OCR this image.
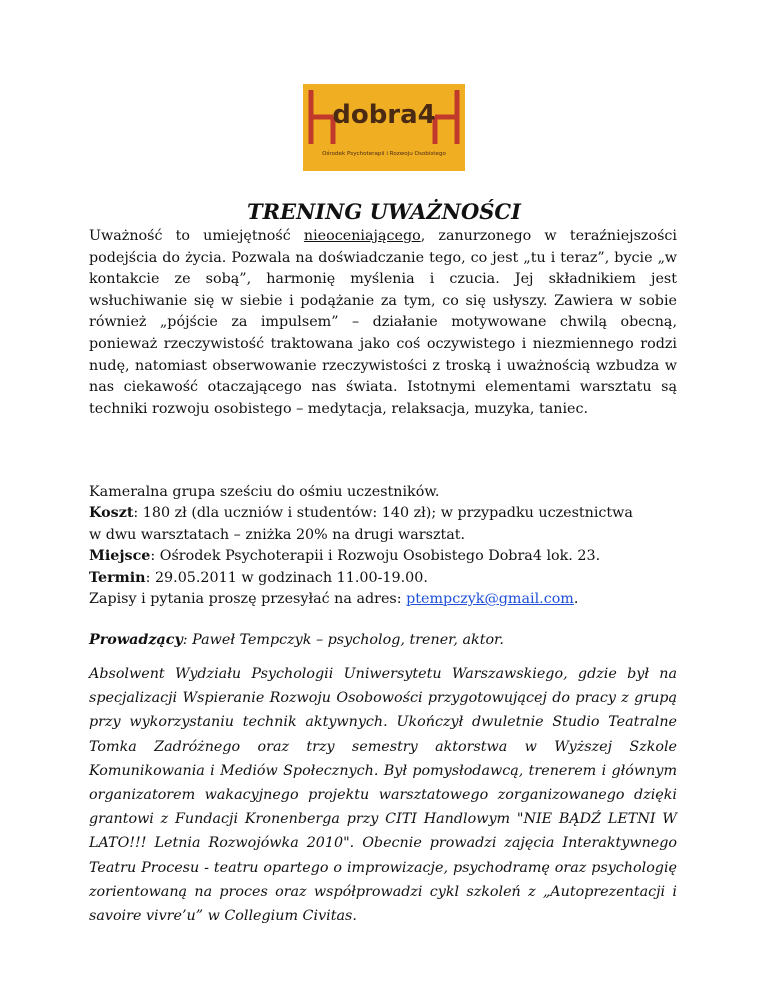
dobra4
Ośrodek Psychoterapii i Rozwoju Osobistego
TRENING UWAŻNOŚCI

Uważność to umiejętność nieoceniającego, zanurzonego w teraźniejszości podejścia do życia. Pozwala na doświadczanie tego, co jest „tu i teraz”, bycie „w kontakcie ze sobą”, harmonię myślenia i czucia. Jej składnikiem jest wsłuchiwanie się w siebie i podążanie za tym, co się usłyszy. Zawiera w sobie również „pójście za impulsem” – działanie motywowane chwilą obecną, ponieważ rzeczywistość traktowana jako coś oczywistego i niezmiennego rodzi nudę, natomiast obserwowanie rzeczywistości z troską i uważnością wzbudza w nas ciekawość otaczającego nas świata. Istotnymi elementami warsztatu są techniki rozwoju osobistego – medytacja, relaksacja, muzyka, taniec.

Kameralna grupa sześciu do ośmiu uczestników.
Koszt: 180 zł (dla uczniów i studentów: 140 zł); w przypadku uczestnictwa
w dwu warsztatach – zniżka 20% na drugi warsztat.
Miejsce: Ośrodek Psychoterapii i Rozwoju Osobistego Dobra4 lok. 23.
Termin: 29.05.2011 w godzinach 11.00-19.00.
Zapisy i pytania proszę przesyłać na adres: ptempczyk@gmail.com.
Prowadzący: Paweł Tempczyk – psycholog, trener, aktor.

Absolwent Wydziału Psychologii Uniwersytetu Warszawskiego, gdzie był na specjalizacji Wspieranie Rozwoju Osobowości przygotowującej do pracy z grupą przy wykorzystaniu technik aktywnych. Ukończył dwuletnie Studio Teatralne Tomka Zadróżnego oraz trzy semestry aktorstwa w Wyższej Szkole Komunikowania i Mediów Społecznych. Był pomysłodawcą, trenerem i głównym organizatorem wakacyjnego projektu warsztatowego zorganizowanego dzięki grantowi z Fundacji Kronenberga przy CITI Handlowym "NIE BĄDŹ LETNI W LATO!!! Letnia Rozwojówka 2010". Obecnie prowadzi zajęcia Interaktywnego Teatru Procesu - teatru opartego o improwizacje, psychodramę oraz psychologię zorientowaną na proces oraz współprowadzi cykl szkoleń z „Autoprezentacji i savoire vivre’u” w Collegium Civitas.
